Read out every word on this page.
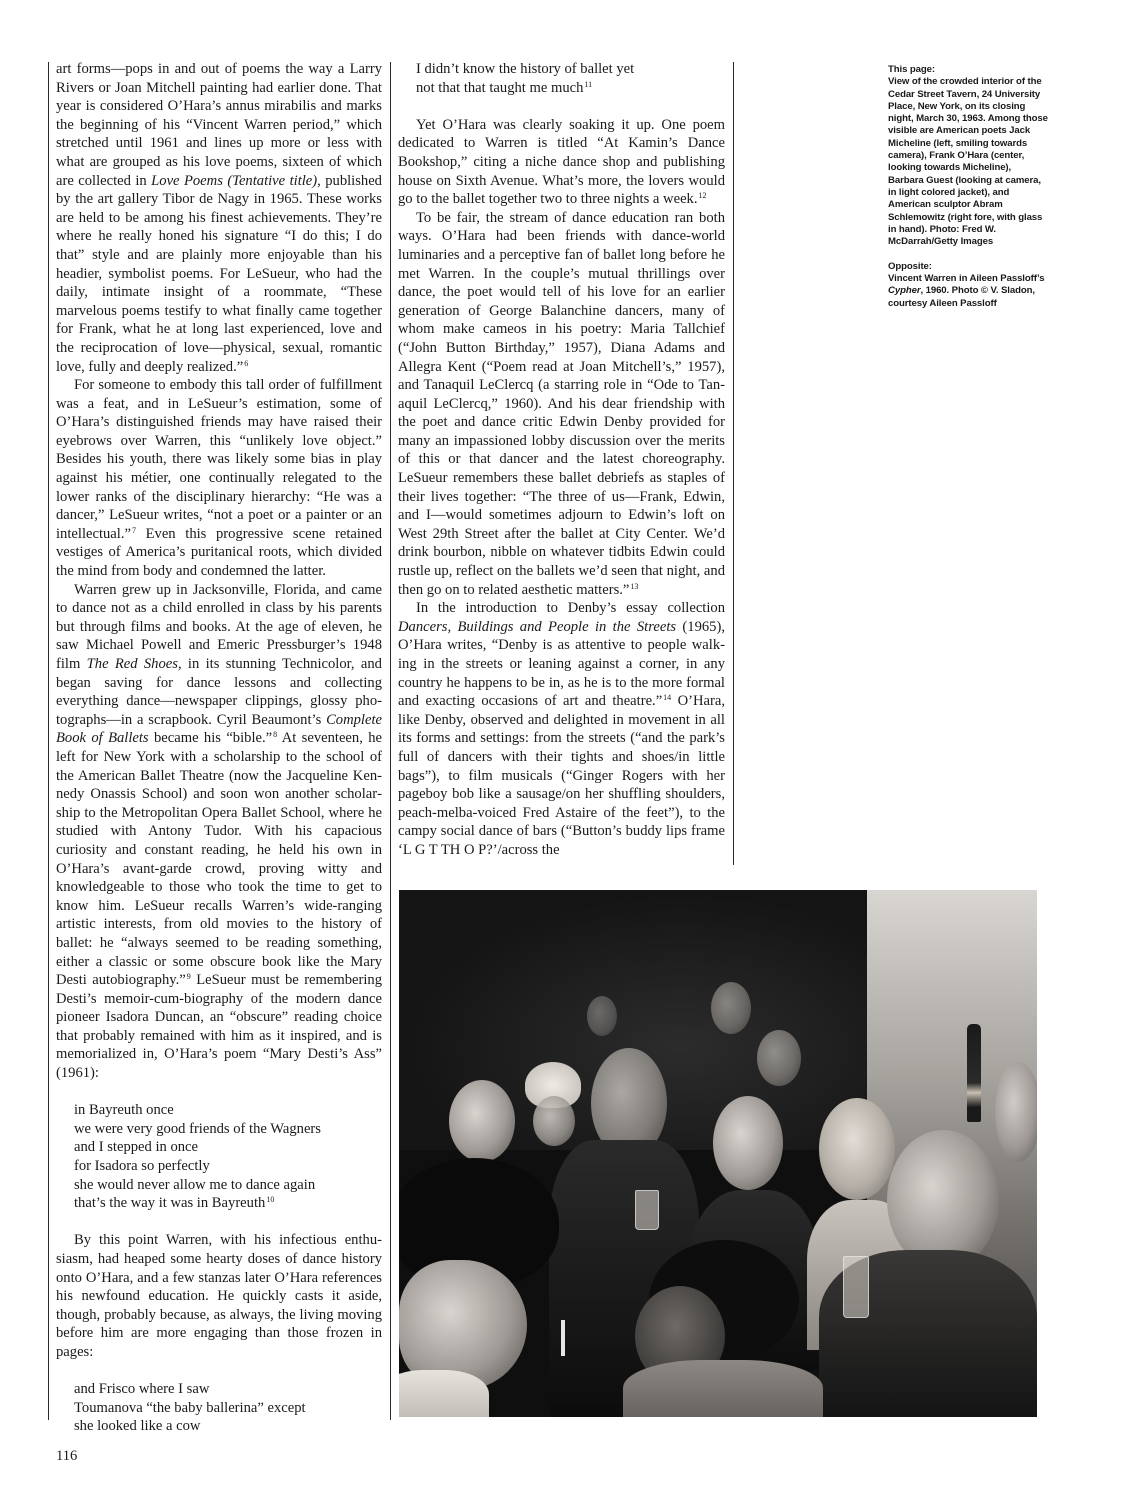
art forms—pops in and out of poems the way a Larry Rivers or Joan Mitchell painting had earlier done. That year is considered O’Hara’s annus mirabilis and marks the beginning of his “Vincent Warren period,” which stretched until 1961 and lines up more or less with what are grouped as his love poems, sixteen of which are collected in Love Poems (Tentative title), published by the art gallery Tibor de Nagy in 1965. These works are held to be among his finest achievements. They’re where he really honed his signature “I do this; I do that” style and are plainly more enjoyable than his headier, symbolist poems. For LeSueur, who had the daily, intimate insight of a roommate, “These marvelous poems testify to what finally came together for Frank, what he at long last experienced, love and the reciprocation of love—physical, sexual, romantic love, fully and deeply realized.”$^6$

For someone to embody this tall order of fulfillment was a feat, and in LeSueur’s estimation, some of O’Hara’s distinguished friends may have raised their eyebrows over Warren, this “unlikely love object.” Besides his youth, there was likely some bias in play against his métier, one continually relegated to the lower ranks of the disciplinary hierarchy: “He was a dancer,” LeSueur writes, “not a poet or a painter or an intellectual.”$^7$ Even this progressive scene retained vestiges of America’s puritanical roots, which divided the mind from body and condemned the latter.

Warren grew up in Jacksonville, Florida, and came to dance not as a child enrolled in class by his parents but through films and books. At the age of eleven, he saw Michael Powell and Emeric Pressburger’s 1948 film The Red Shoes, in its stunning Technicolor, and began saving for dance lessons and collecting everything dance—newspaper clippings, glossy photographs—in a scrapbook. Cyril Beaumont’s Complete Book of Ballets became his “bible.”$^8$ At seventeen, he left for New York with a scholarship to the school of the American Ballet Theatre (now the Jacqueline Kennedy Onassis School) and soon won another scholarship to the Metropolitan Opera Ballet School, where he studied with Antony Tudor. With his capacious curiosity and constant reading, he held his own in O’Hara’s avant-garde crowd, proving witty and knowledgeable to those who took the time to get to know him. LeSueur recalls Warren’s wide-ranging artistic interests, from old movies to the history of ballet: he “always seemed to be reading something, either a classic or some obscure book like the Mary Desti autobiography.”$^9$ LeSueur must be remembering Desti’s memoir-cum-biography of the modern dance pioneer Isadora Duncan, an “obscure” reading choice that probably remained with him as it inspired, and is memorialized in, O’Hara’s poem “Mary Desti’s Ass” (1961):

in Bayreuth once
we were very good friends of the Wagners
and I stepped in once
for Isadora so perfectly
she would never allow me to dance again
that’s the way it was in Bayreuth$^{10}$

By this point Warren, with his infectious enthusiasm, had heaped some hearty doses of dance history onto O’Hara, and a few stanzas later O’Hara references his newfound education. He quickly casts it aside, though, probably because, as always, the living moving before him are more engaging than those frozen in pages:

and Frisco where I saw
Toumanova “the baby ballerina” except
she looked like a cow
I didn’t know the history of ballet yet
not that that taught me much$^{11}$

Yet O’Hara was clearly soaking it up. One poem dedicated to Warren is titled “At Kamin’s Dance Bookshop,” citing a niche dance shop and publishing house on Sixth Avenue. What’s more, the lovers would go to the ballet together two to three nights a week.$^{12}$

To be fair, the stream of dance education ran both ways. O’Hara had been friends with dance-world luminaries and a perceptive fan of ballet long before he met Warren. In the couple’s mutual thrillings over dance, the poet would tell of his love for an earlier generation of George Balanchine dancers, many of whom make cameos in his poetry: Maria Tallchief (“John Button Birthday,” 1957), Diana Adams and Allegra Kent (“Poem read at Joan Mitchell’s,” 1957), and Tanaquil LeClercq (a starring role in “Ode to Tanaquil LeClercq,” 1960). And his dear friendship with the poet and dance critic Edwin Denby provided for many an impassioned lobby discussion over the merits of this or that dancer and the latest choreography. LeSueur remembers these ballet debriefs as staples of their lives together: “The three of us—Frank, Edwin, and I—would sometimes adjourn to Edwin’s loft on West 29th Street after the ballet at City Center. We’d drink bourbon, nibble on whatever tidbits Edwin could rustle up, reflect on the ballets we’d seen that night, and then go on to related aesthetic matters.”$^{13}$

In the introduction to Denby’s essay collection Dancers, Buildings and People in the Streets (1965), O’Hara writes, “Denby is as attentive to people walking in the streets or leaning against a corner, in any country he happens to be in, as he is to the more formal and exacting occasions of art and theatre.”$^{14}$ O’Hara, like Denby, observed and delighted in movement in all its forms and settings: from the streets (“and the park’s full of dancers with their tights and shoes/in little bags”), to film musicals (“Ginger Rogers with her pageboy bob like a sausage/on her shuffling shoulders, peach-melba-voiced Fred Astaire of the feet”), to the campy social dance of bars (“Button’s buddy lips frame ‘L G T TH O P?’/across the

This page:
View of the crowded interior of the Cedar Street Tavern, 24 University Place, New York, on its closing night, March 30, 1963. Among those visible are American poets Jack Micheline (left, smiling towards camera), Frank O’Hara (center, looking towards Micheline), Barbara Guest (looking at camera, in light colored jacket), and American sculptor Abram Schlemowitz (right fore, with glass in hand). Photo: Fred W. McDarrah/Getty Images
Opposite:
Vincent Warren in Aileen Passloff’s Cypher, 1960. Photo © V. Sladon, courtesy Aileen Passloff
116
